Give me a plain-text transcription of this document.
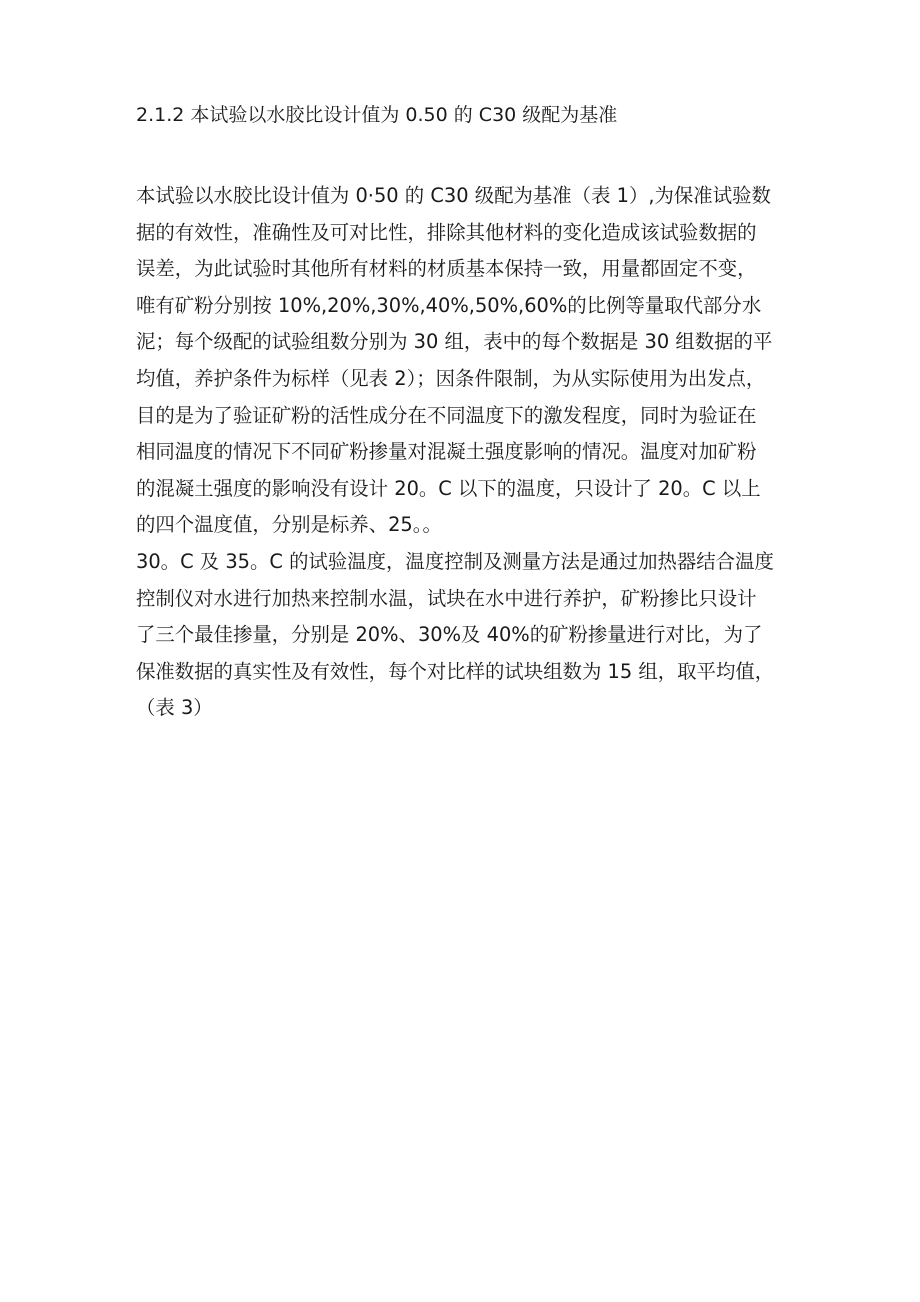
2.1.2 本试验以水胶比设计值为 0.50 的 C30 级配为基准
本试验以水胶比设计值为 0·50 的 C30 级配为基准（表 1）,为保准试验数
据的有效性，准确性及可对比性，排除其他材料的变化造成该试验数据的
误差，为此试验时其他所有材料的材质基本保持一致，用量都固定不变，
唯有矿粉分别按 10%,20%,30%,40%,50%,60%的比例等量取代部分水
泥；每个级配的试验组数分别为 30 组，表中的每个数据是 30 组数据的平
均值，养护条件为标样（见表 2）；因条件限制，为从实际使用为出发点，
目的是为了验证矿粉的活性成分在不同温度下的激发程度，同时为验证在
相同温度的情况下不同矿粉掺量对混凝土强度影响的情况。温度对加矿粉
的混凝土强度的影响没有设计 20。C 以下的温度，只设计了 20。C 以上
的四个温度值，分别是标养、25。。
30。C 及 35。C 的试验温度，温度控制及测量方法是通过加热器结合温度
控制仪对水进行加热来控制水温，试块在水中进行养护，矿粉掺比只设计
了三个最佳掺量，分别是 20%、30%及 40%的矿粉掺量进行对比，为了
保准数据的真实性及有效性，每个对比样的试块组数为 15 组，取平均值，
（表 3）
